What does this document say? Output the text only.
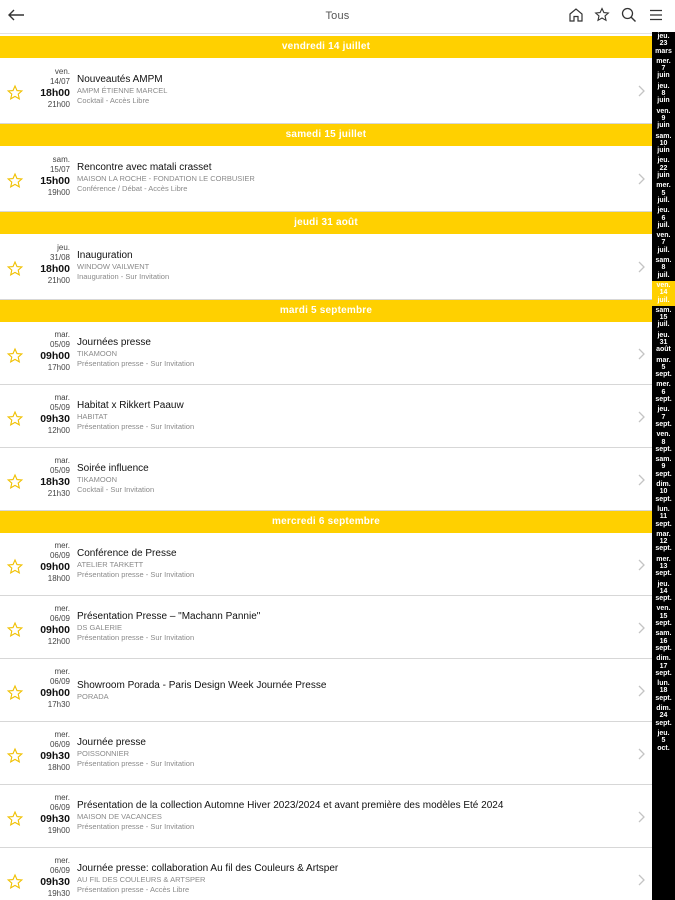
Tous
vendredi 14 juillet
ven.
14/07
18h00
21h00
Nouveautés AMPM
AMPM ÉTIENNE MARCEL
Cocktail - Accès Libre
samedi 15 juillet
sam.
15/07
15h00
19h00
Rencontre avec matali crasset
MAISON LA ROCHE - FONDATION LE CORBUSIER
Conférence / Débat - Accès Libre
jeudi 31 août
jeu.
31/08
18h00
21h00
Inauguration
WINDOW VAILWENT
Inauguration - Sur Invitation
mardi 5 septembre
mar.
05/09
09h00
17h00
Journées presse
TIKAMOON
Présentation presse - Sur Invitation
mar.
05/09
09h30
12h00
Habitat x Rikkert Paauw
HABITAT
Présentation presse - Sur Invitation
mar.
05/09
18h30
21h30
Soirée influence
TIKAMOON
Cocktail - Sur Invitation
mercredi 6 septembre
mer.
06/09
09h00
18h00
Conférence de Presse
ATELIER TARKETT
Présentation presse - Sur Invitation
mer.
06/09
09h00
12h00
Présentation Presse – "Machann Pannie"
DS GALERIE
Présentation presse - Sur Invitation
mer.
06/09
09h00
17h30
Showroom Porada - Paris Design Week Journée Presse
PORADA
mer.
06/09
09h30
18h00
Journée presse
POISSONNIER
Présentation presse - Sur Invitation
mer.
06/09
09h30
19h00
Présentation de la collection Automne Hiver 2023/2024 et avant première des modèles Eté 2024
MAISON DE VACANCES
Présentation presse - Sur Invitation
mer.
06/09
09h30
19h30
Journée presse: collaboration Au fil des Couleurs & Artsper
AU FIL DES COULEURS & ARTSPER
Présentation presse - Accès Libre
jeu.
23
mars
mer.
7
juin
jeu.
8
juin
ven.
9
juin
sam.
10
juin
jeu.
22
juin
mer.
5
juil.
jeu.
6
juil.
ven.
7
juil.
sam.
8
juil.
ven.
14
juil.
sam.
15
juil.
jeu.
31
août
mar.
5
sept.
mer.
6
sept.
jeu.
7
sept.
ven.
8
sept.
sam.
9
sept.
dim.
10
sept.
lun.
11
sept.
mar.
12
sept.
mer.
13
sept.
jeu.
14
sept.
ven.
15
sept.
sam.
16
sept.
dim.
17
sept.
lun.
18
sept.
dim.
24
sept.
jeu.
5
oct.
